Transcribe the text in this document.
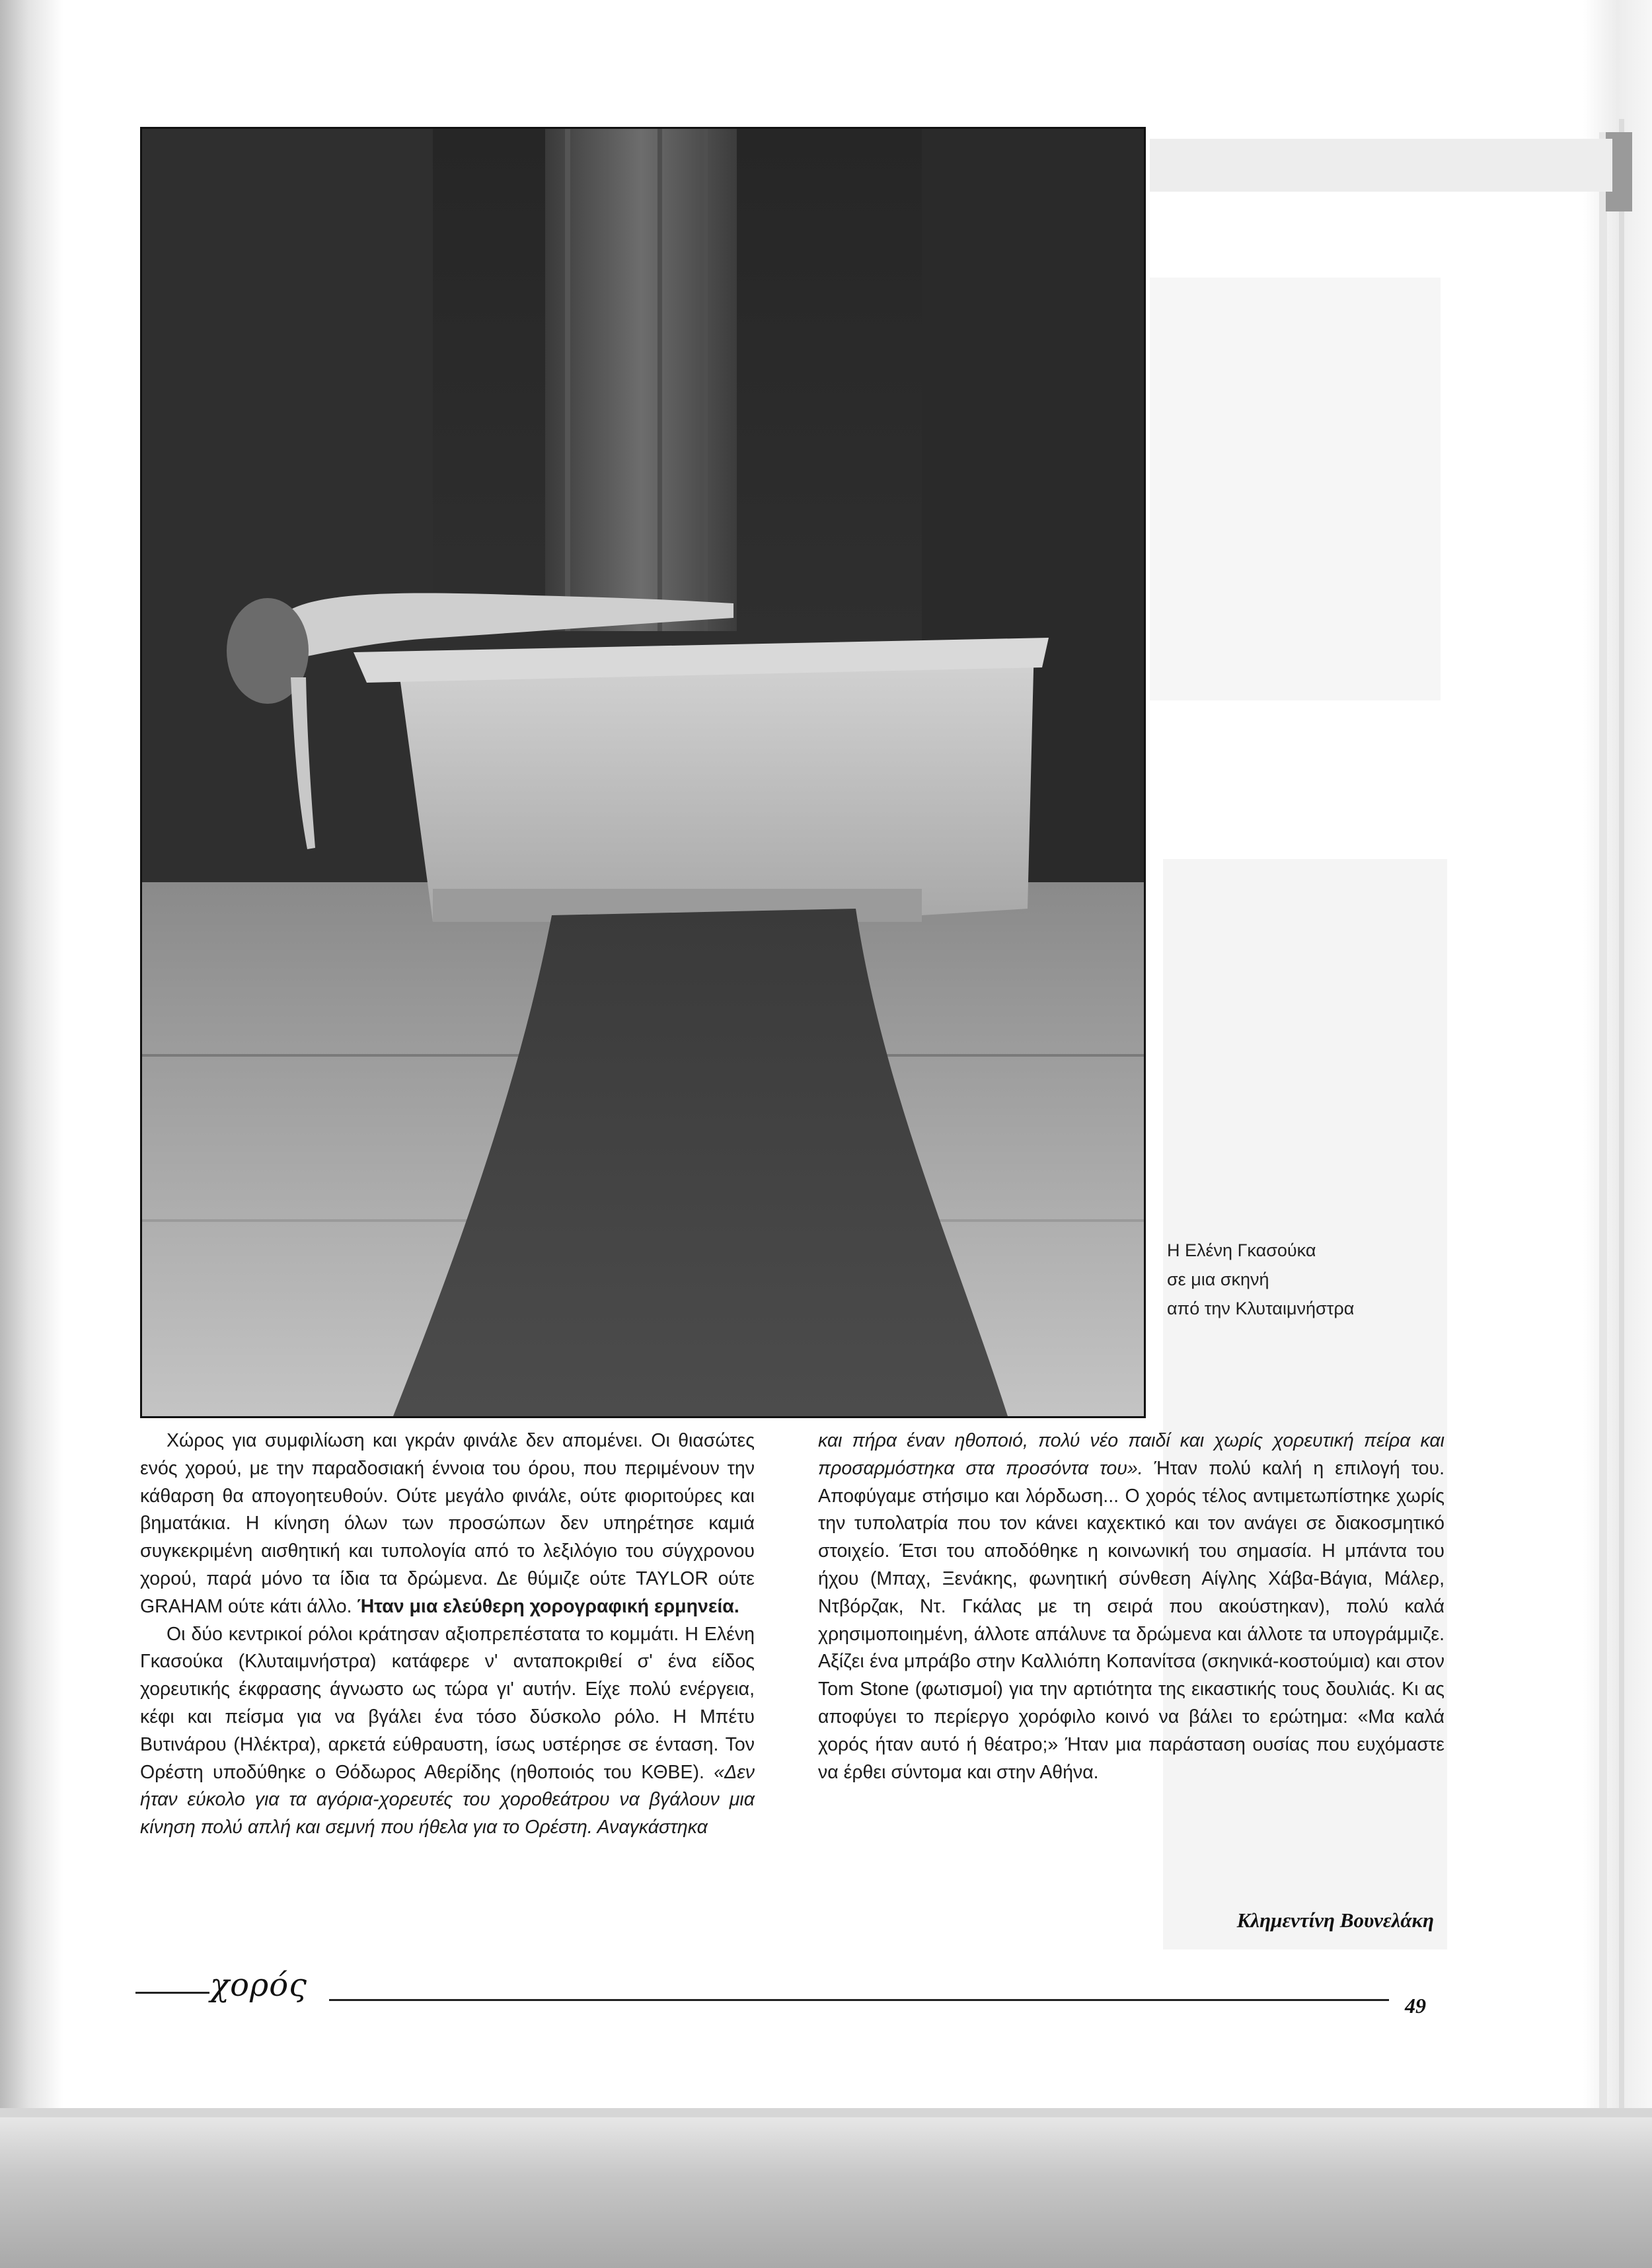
Η Ελένη Γκασούκα
σε μια σκηνή
από την Κλυταιμνήστρα

Χώρος για συμφιλίωση και γκράν φινάλε δεν απομένει. Οι θιασώτες ενός χορού, με την παραδοσιακή έννοια του όρου, που περιμένουν την κάθαρση θα απογοητευθούν. Ούτε μεγάλο φινάλε, ούτε φιοριτούρες και βηματάκια. Η κίνηση όλων των προσώπων δεν υπηρέτησε καμιά συγκεκριμένη αισθητική και τυπολογία από το λεξιλόγιο του σύγχρονου χορού, παρά μόνο τα ίδια τα δρώμενα. Δε θύμιζε ούτε TAYLOR ούτε GRAHAM ούτε κάτι άλλο. Ήταν μια ελεύθερη χορογραφική ερμηνεία.

Οι δύο κεντρικοί ρόλοι κράτησαν αξιοπρεπέστατα το κομμάτι. Η Ελένη Γκασούκα (Κλυταιμνήστρα) κατάφερε ν' ανταποκριθεί σ' ένα είδος χορευτικής έκφρασης άγνωστο ως τώρα γι' αυτήν. Είχε πολύ ενέργεια, κέφι και πείσμα για να βγάλει ένα τόσο δύσκολο ρόλο. Η Μπέτυ Βυτινάρου (Ηλέκτρα), αρκετά εύθραυστη, ίσως υστέρησε σε ένταση. Τον Ορέστη υποδύθηκε ο Θόδωρος Αθερίδης (ηθοποιός του ΚΘΒΕ). «Δεν ήταν εύκολο για τα αγόρια-χορευτές του χοροθεάτρου να βγάλουν μια κίνηση πολύ απλή και σεμνή που ήθελα για το Ορέστη. Αναγκάστηκα

και πήρα έναν ηθοποιό, πολύ νέο παιδί και χωρίς χορευτική πείρα και προσαρμόστηκα στα προσόντα του». Ήταν πολύ καλή η επιλογή του. Αποφύγαμε στήσιμο και λόρδωση... Ο χορός τέλος αντιμετωπίστηκε χωρίς την τυπολατρία που τον κάνει καχεκτικό και τον ανάγει σε διακοσμητικό στοιχείο. Έτσι του αποδόθηκε η κοινωνική του σημασία. Η μπάντα του ήχου (Μπαχ, Ξενάκης, φωνητική σύνθεση Αίγλης Χάβα-Βάγια, Μάλερ, Ντβόρζακ, Ντ. Γκάλας με τη σειρά που ακούστηκαν), πολύ καλά χρησιμοποιημένη, άλλοτε απάλυνε τα δρώμενα και άλλοτε τα υπογράμμιζε. Αξίζει ένα μπράβο στην Καλλιόπη Κοπανίτσα (σκηνικά-κοστούμια) και στον Tom Stone (φωτισμοί) για την αρτιότητα της εικαστικής τους δουλιάς. Κι ας αποφύγει το περίεργο χορόφιλο κοινό να βάλει το ερώτημα: «Μα καλά χορός ήταν αυτό ή θέατρο;» Ήταν μια παράσταση ουσίας που ευχόμαστε να έρθει σύντομα και στην Αθήνα.

Κλημεντίνη Βουνελάκη
χορός
49
